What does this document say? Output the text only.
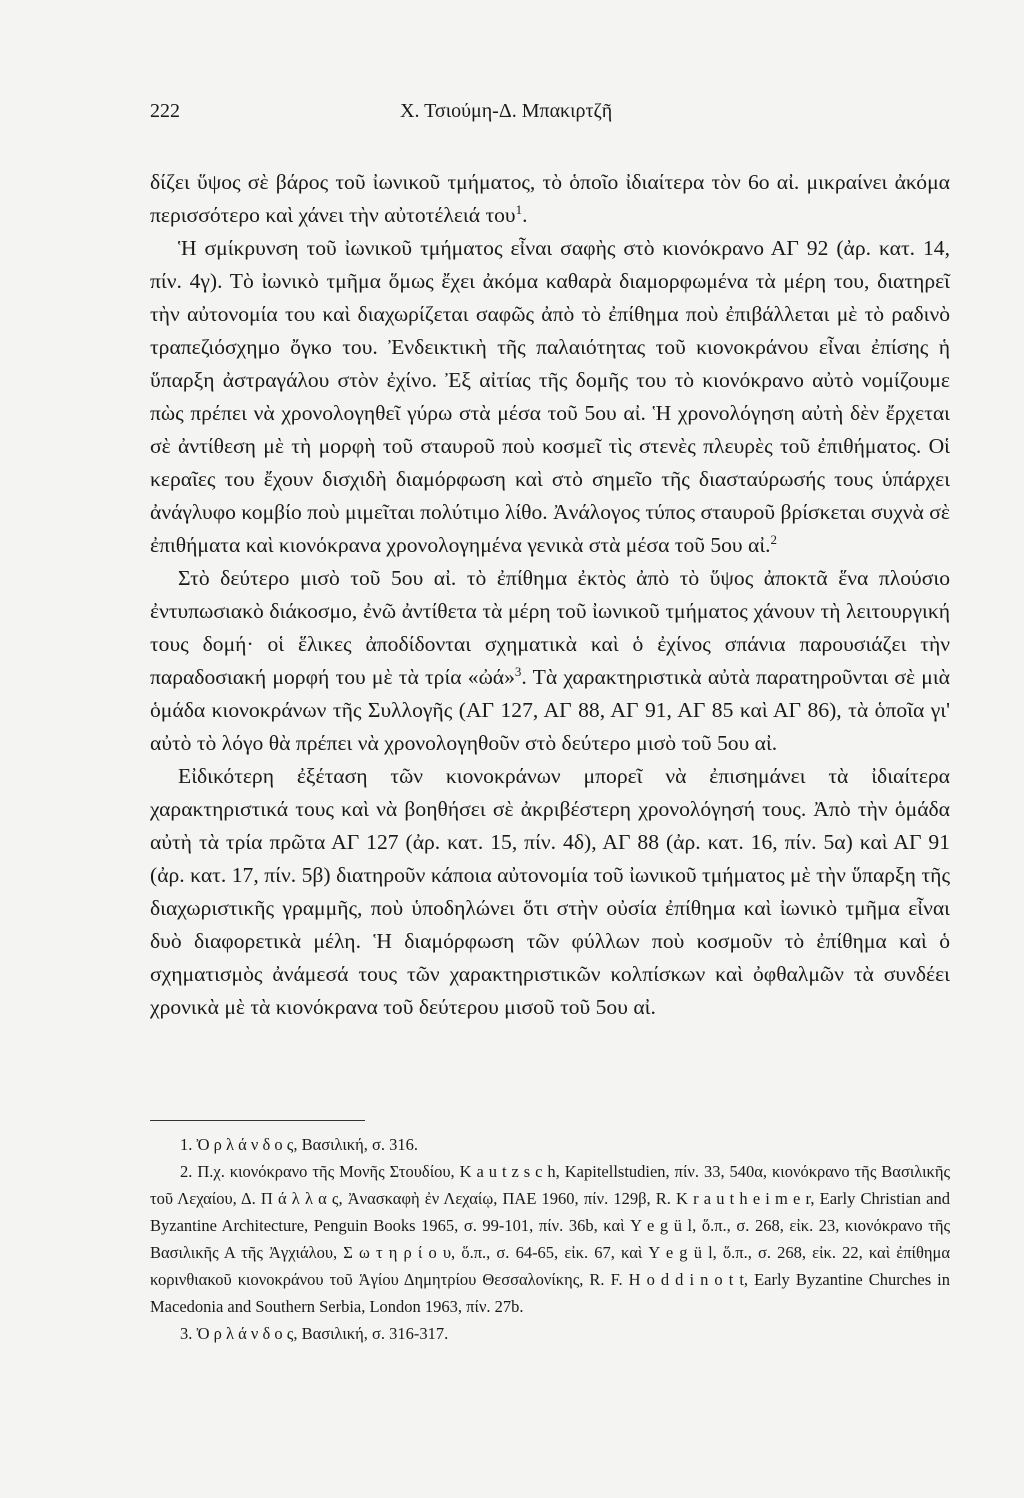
222	Χ. Τσιούμη-Δ. Μπακιρτζῆ

δίζει ὕψος σὲ βάρος τοῦ ἰωνικοῦ τμήματος, τὸ ὁποῖο ἰδιαίτερα τὸν 6ο αἰ. μικραίνει ἀκόμα περισσότερο καὶ χάνει τὴν αὐτοτέλειά του$^1$.

Ἡ σμίκρυνση τοῦ ἰωνικοῦ τμήματος εἶναι σαφὴς στὸ κιονόκρανο ΑΓ 92 (ἀρ. κατ. 14, πίν. 4γ). Τὸ ἰωνικὸ τμῆμα ὅμως ἔχει ἀκόμα καθαρὰ διαμορφωμένα τὰ μέρη του, διατηρεῖ τὴν αὐτονομία του καὶ διαχωρίζεται σαφῶς ἀπὸ τὸ ἐπίθημα ποὺ ἐπιβάλλεται μὲ τὸ ραδινὸ τραπεζιόσχημο ὄγκο του. Ἐνδεικτικὴ τῆς παλαιότητας τοῦ κιονοκράνου εἶναι ἐπίσης ἡ ὕπαρξη ἀστραγάλου στὸν ἐχίνο. Ἐξ αἰτίας τῆς δομῆς του τὸ κιονόκρανο αὐτὸ νομίζουμε πὼς πρέπει νὰ χρονολογηθεῖ γύρω στὰ μέσα τοῦ 5ου αἰ. Ἡ χρονολόγηση αὐτὴ δὲν ἔρχεται σὲ ἀντίθεση μὲ τὴ μορφὴ τοῦ σταυροῦ ποὺ κοσμεῖ τὶς στενὲς πλευρὲς τοῦ ἐπιθήματος. Οἱ κεραῖες του ἔχουν δισχιδὴ διαμόρφωση καὶ στὸ σημεῖο τῆς διασταύρωσής τους ὑπάρχει ἀνάγλυφο κομβίο ποὺ μιμεῖται πολύτιμο λίθο. Ἀνάλογος τύπος σταυροῦ βρίσκεται συχνὰ σὲ ἐπιθήματα καὶ κιονόκρανα χρονολογημένα γενικὰ στὰ μέσα τοῦ 5ου αἰ.$^2$

Στὸ δεύτερο μισὸ τοῦ 5ου αἰ. τὸ ἐπίθημα ἐκτὸς ἀπὸ τὸ ὕψος ἀποκτᾶ ἕνα πλούσιο ἐντυπωσιακὸ διάκοσμο, ἐνῶ ἀντίθετα τὰ μέρη τοῦ ἰωνικοῦ τμήματος χάνουν τὴ λειτουργική τους δομή· οἱ ἕλικες ἀποδίδονται σχηματικὰ καὶ ὁ ἐχίνος σπάνια παρουσιάζει τὴν παραδοσιακή μορφή του μὲ τὰ τρία «ὠά»$^3$. Τὰ χαρακτηριστικὰ αὐτὰ παρατηροῦνται σὲ μιὰ ὁμάδα κιονοκράνων τῆς Συλλογῆς (ΑΓ 127, ΑΓ 88, ΑΓ 91, ΑΓ 85 καὶ ΑΓ 86), τὰ ὁποῖα γι' αὐτὸ τὸ λόγο θὰ πρέπει νὰ χρονολογηθοῦν στὸ δεύτερο μισὸ τοῦ 5ου αἰ.

Εἰδικότερη ἐξέταση τῶν κιονοκράνων μπορεῖ νὰ ἐπισημάνει τὰ ἰδιαίτερα χαρακτηριστικά τους καὶ νὰ βοηθήσει σὲ ἀκριβέστερη χρονολόγησή τους. Ἀπὸ τὴν ὁμάδα αὐτὴ τὰ τρία πρῶτα ΑΓ 127 (ἀρ. κατ. 15, πίν. 4δ), ΑΓ 88 (ἀρ. κατ. 16, πίν. 5α) καὶ ΑΓ 91 (ἀρ. κατ. 17, πίν. 5β) διατηροῦν κάποια αὐτονομία τοῦ ἰωνικοῦ τμήματος μὲ τὴν ὕπαρξη τῆς διαχωριστικῆς γραμμῆς, ποὺ ὑποδηλώνει ὅτι στὴν οὐσία ἐπίθημα καὶ ἰωνικὸ τμῆμα εἶναι δυὸ διαφορετικὰ μέλη. Ἡ διαμόρφωση τῶν φύλλων ποὺ κοσμοῦν τὸ ἐπίθημα καὶ ὁ σχηματισμὸς ἀνάμεσά τους τῶν χαρακτηριστικῶν κολπίσκων καὶ ὀφθαλμῶν τὰ συνδέει χρονικὰ μὲ τὰ κιονόκρανα τοῦ δεύτερου μισοῦ τοῦ 5ου αἰ.

1. Ὀ ρ λ ά ν δ ο ς, Βασιλική, σ. 316.

2. Π.χ. κιονόκρανο τῆς Μονῆς Στουδίου, K a u t z s c h, Kapitellstudien, πίν. 33, 540α, κιονόκρανο τῆς Βασιλικῆς τοῦ Λεχαίου, Δ. Π ά λ λ α ς, Ἀνασκαφὴ ἐν Λεχαίῳ, ΠΑΕ 1960, πίν. 129β, R. K r a u t h e i m e r, Early Christian and Byzantine Architecture, Penguin Books 1965, σ. 99-101, πίν. 36b, καὶ Y e g ü l, ὅ.π., σ. 268, εἰκ. 23, κιονόκρανο τῆς Βασιλικῆς Α τῆς Ἀγχιάλου, Σ ω τ η ρ ί ο υ, ὅ.π., σ. 64-65, εἰκ. 67, καὶ Y e g ü l, ὅ.π., σ. 268, εἰκ. 22, καὶ ἐπίθημα κορινθιακοῦ κιονοκράνου τοῦ Ἁγίου Δημητρίου Θεσσαλονίκης, R. F. H o d d i n o t t, Early Byzantine Churches in Macedonia and Southern Serbia, London 1963, πίν. 27b.

3. Ὀ ρ λ ά ν δ ο ς, Βασιλική, σ. 316-317.
